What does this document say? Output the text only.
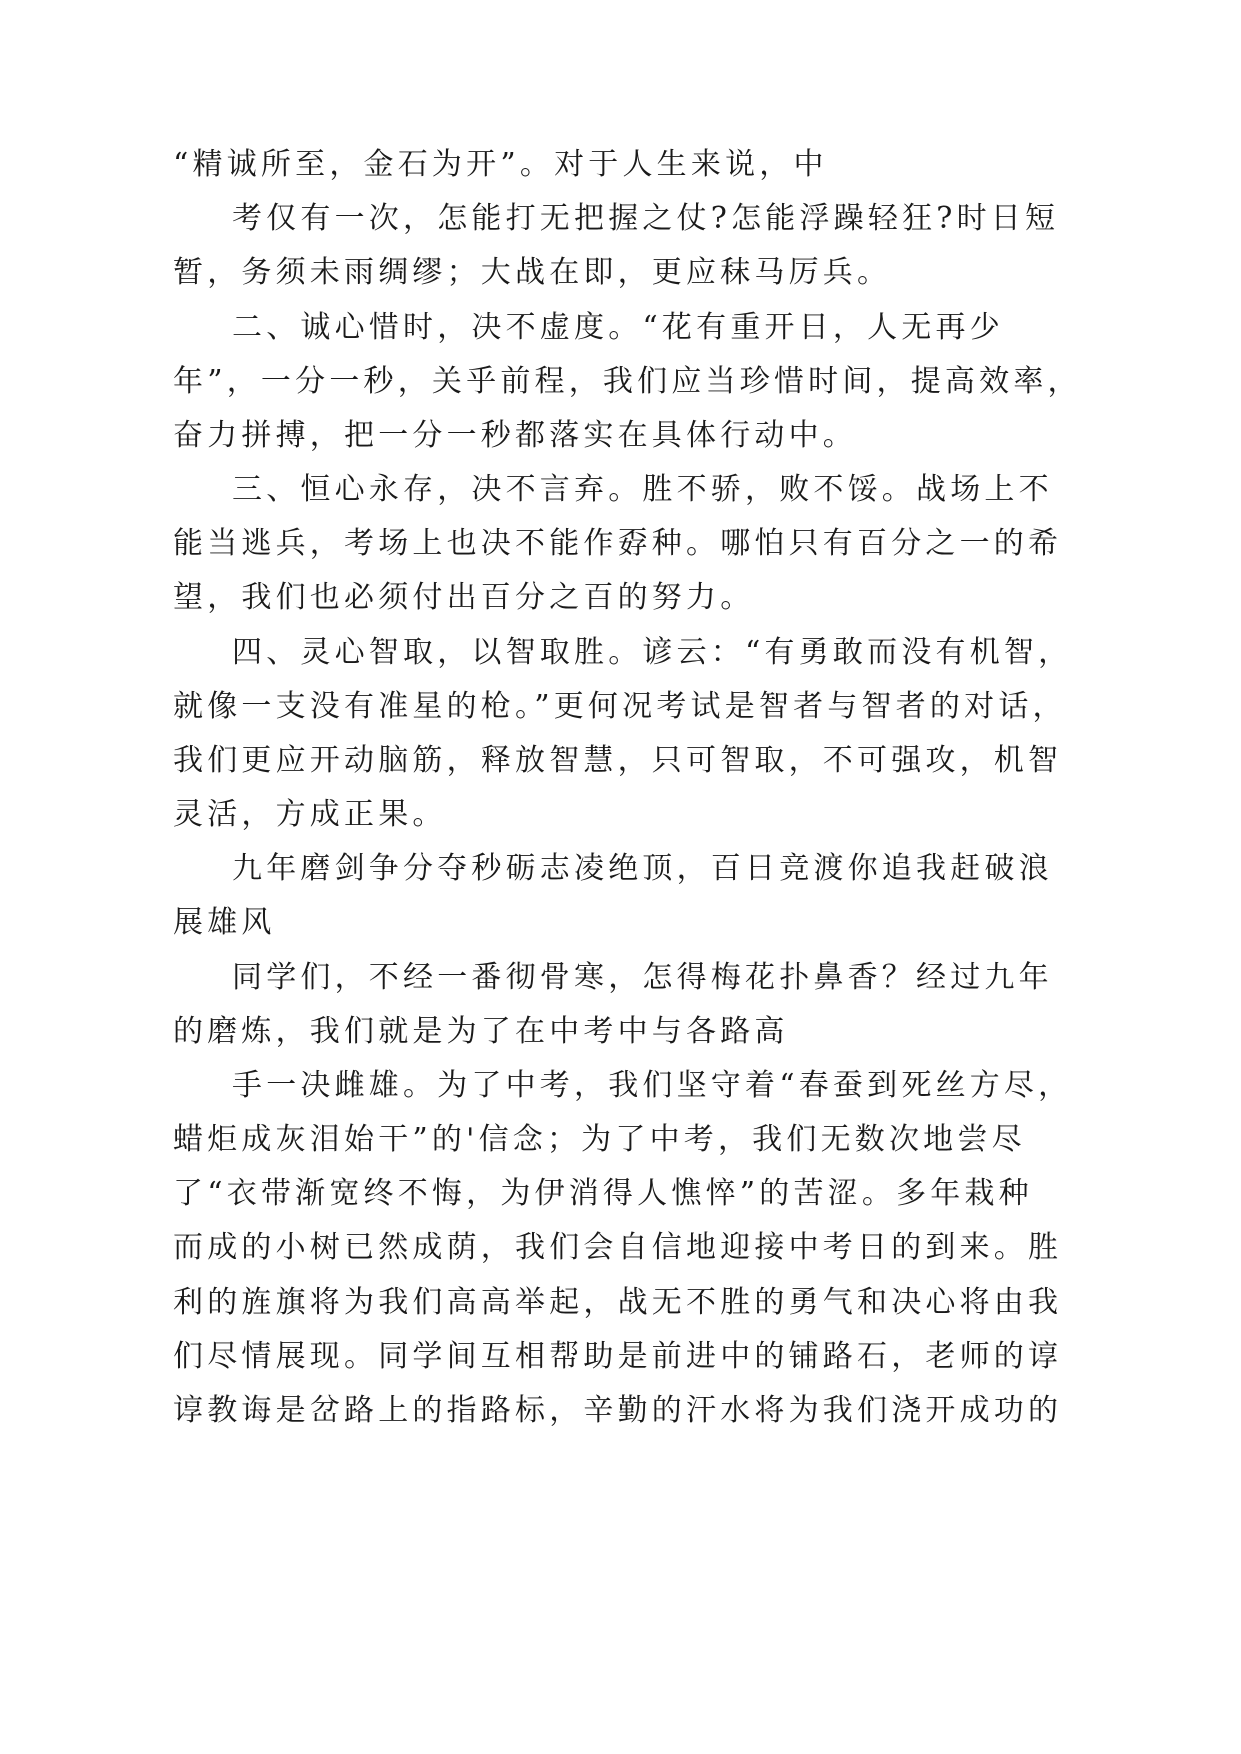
“精诚所至，金石为开”。对于人生来说，中
考仅有一次，怎能打无把握之仗?怎能浮躁轻狂?时日短
暂，务须未雨绸缪；大战在即，更应秣马厉兵。
二、诚心惜时，决不虚度。“花有重开日，人无再少
年”，一分一秒，关乎前程，我们应当珍惜时间，提高效率，
奋力拼搏，把一分一秒都落实在具体行动中。
三、恒心永存，决不言弃。胜不骄，败不馁。战场上不
能当逃兵，考场上也决不能作孬种。哪怕只有百分之一的希
望，我们也必须付出百分之百的努力。
四、灵心智取，以智取胜。谚云：“有勇敢而没有机智，
就像一支没有准星的枪。”更何况考试是智者与智者的对话，
我们更应开动脑筋，释放智慧，只可智取，不可强攻，机智
灵活，方成正果。
九年磨剑争分夺秒砺志凌绝顶，百日竞渡你追我赶破浪
展雄风
同学们，不经一番彻骨寒，怎得梅花扑鼻香？经过九年
的磨炼，我们就是为了在中考中与各路高
手一决雌雄。为了中考，我们坚守着“春蚕到死丝方尽，
蜡炬成灰泪始干”的'信念；为了中考，我们无数次地尝尽
了“衣带渐宽终不悔，为伊消得人憔悴”的苦涩。多年栽种
而成的小树已然成荫，我们会自信地迎接中考日的到来。胜
利的旌旗将为我们高高举起，战无不胜的勇气和决心将由我
们尽情展现。同学间互相帮助是前进中的铺路石，老师的谆
谆教诲是岔路上的指路标，辛勤的汗水将为我们浇开成功的
